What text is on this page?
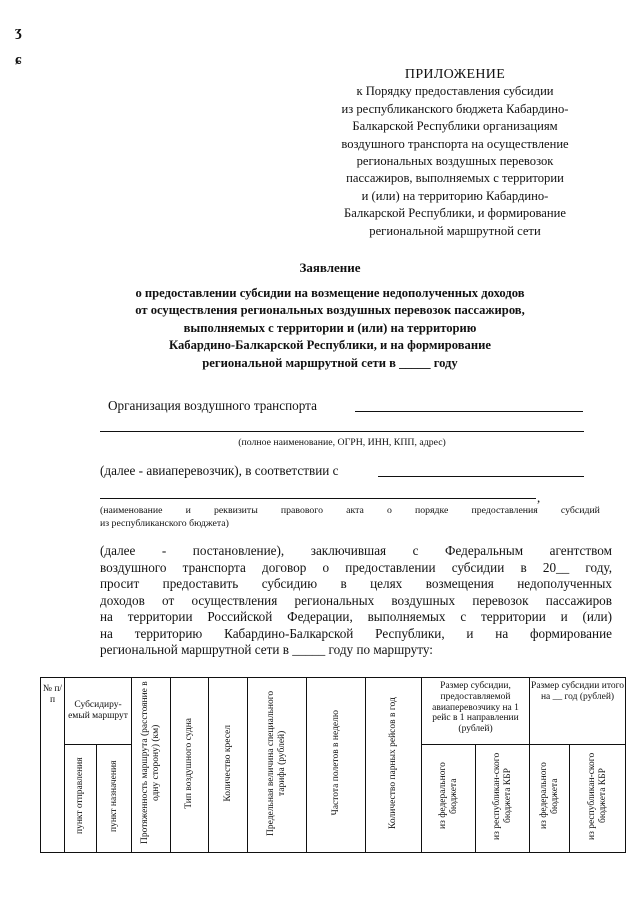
ʒ
ɕ
ПРИЛОЖЕНИЕ
к Порядку предоставления субсидии
из республиканского бюджета Кабардино-
Балкарской Республики организациям
воздушного транспорта на осуществление
региональных воздушных перевозок
пассажиров, выполняемых с территории
и (или) на территорию Кабардино-
Балкарской Республики, и формирование
региональной маршрутной сети
Заявление
о предоставлении субсидии на возмещение недополученных доходов
от осуществления региональных воздушных перевозок пассажиров,
выполняемых с территории и (или) на территорию
Кабардино-Балкарской Республики, и на формирование
региональной маршрутной сети в _____ году
Организация воздушного транспорта
(полное наименование, ОГРН, ИНН, КПП, адрес)
(далее - авиаперевозчик), в соответствии с
,
(наименование и реквизиты правового акта о порядке предоставления субсидий
из республиканского бюджета)
(далее - постановление), заключившая с Федеральным агентством
воздушного транспорта договор о предоставлении субсидии в 20__ году,
просит предоставить субсидию в целях возмещения недополученных
доходов от осуществления региональных воздушных перевозок пассажиров
на территории Российской Федерации, выполняемых с территории и (или)
на территорию Кабардино-Балкарской Республики, и на формирование
региональной маршрутной сети в _____ году по маршруту:
№ п/п	Субсидиру-емый маршрут		Протяженность маршрута (расстояние в одну сторону) (км)	Тип воздушного судна	Количество кресел	Предельная величина специального тарифа (рублей)	Частота полетов в неделю	Количество парных рейсов в год	Размер субсидии, предоставляемой авиаперевозчику на 1 рейс в 1 направлении (рублей)		Размер субсидии итого на __ год (рублей)	
	пункт отправления	пункт назначения							из федерального бюджета	из республикан-ского бюджета КБР	из федерального бюджета	из республикан-ского бюджета КБР
